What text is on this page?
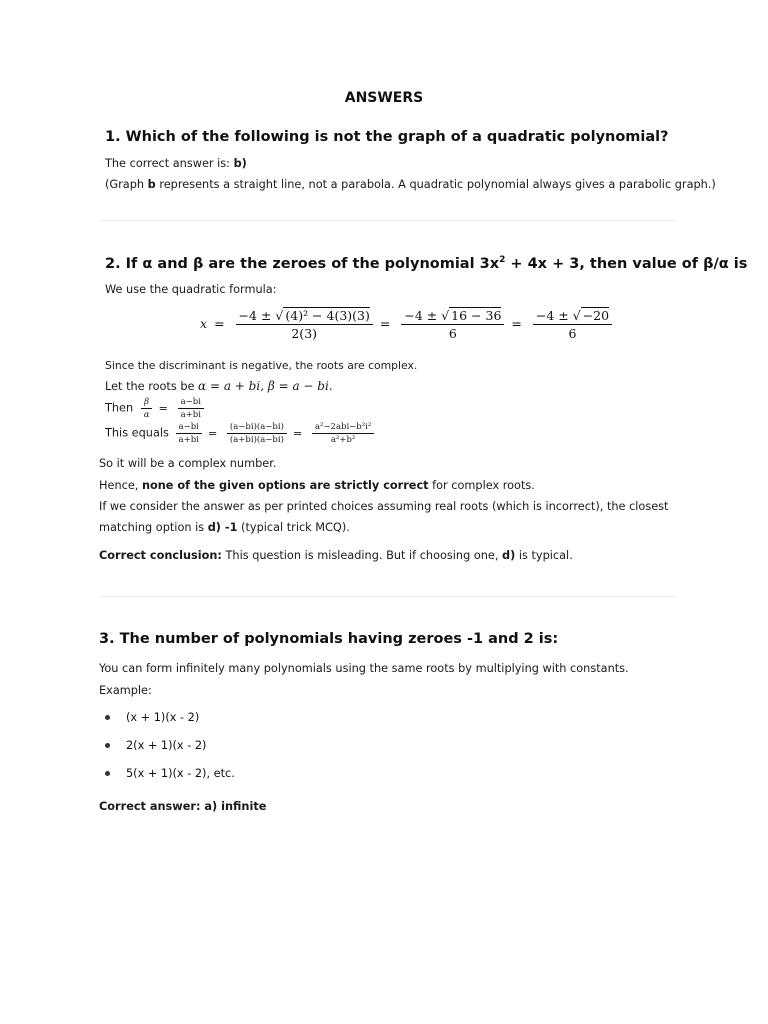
ANSWERS
1. Which of the following is not the graph of a quadratic polynomial?
The correct answer is: b)
(Graph b represents a straight line, not a parabola. A quadratic polynomial always gives a parabolic graph.)
2. If α and β are the zeroes of the polynomial $3x^2 + 4x + 3$, then value of β/α is
We use the quadratic formula:
$x = \frac{\text{−4 ± √ (4)² − 4(3)(3)}}{2(3)} = \frac{-4 \pm √ 16 - 36}{6} = \frac{-4 \pm √ -20}{6}$
Since the discriminant is negative, the roots are complex.
Let the roots be α = a + bi, β = a − bi.
Then $\frac{\beta}{\alpha} = \frac{a-bi}{a+bi}$
This equals $\frac{a-bi}{a+bi} = \frac{(a-bi)(a-bi)}{(a+bi)(a-bi)} = \frac{\text{a²−2abi−b²i²}}{\text{a²+b²}}$
So it will be a complex number.
Hence, none of the given options are strictly correct for complex roots.
If we consider the answer as per printed choices assuming real roots (which is incorrect), the closest
matching option is d) -1 (typical trick MCQ).
Correct conclusion: This question is misleading. But if choosing one, d) is typical.
3. The number of polynomials having zeroes -1 and 2 is:
You can form infinitely many polynomials using the same roots by multiplying with constants.
Example:
(x + 1)(x - 2)
2(x + 1)(x - 2)
5(x + 1)(x - 2), etc.
Correct answer: a) infinite
